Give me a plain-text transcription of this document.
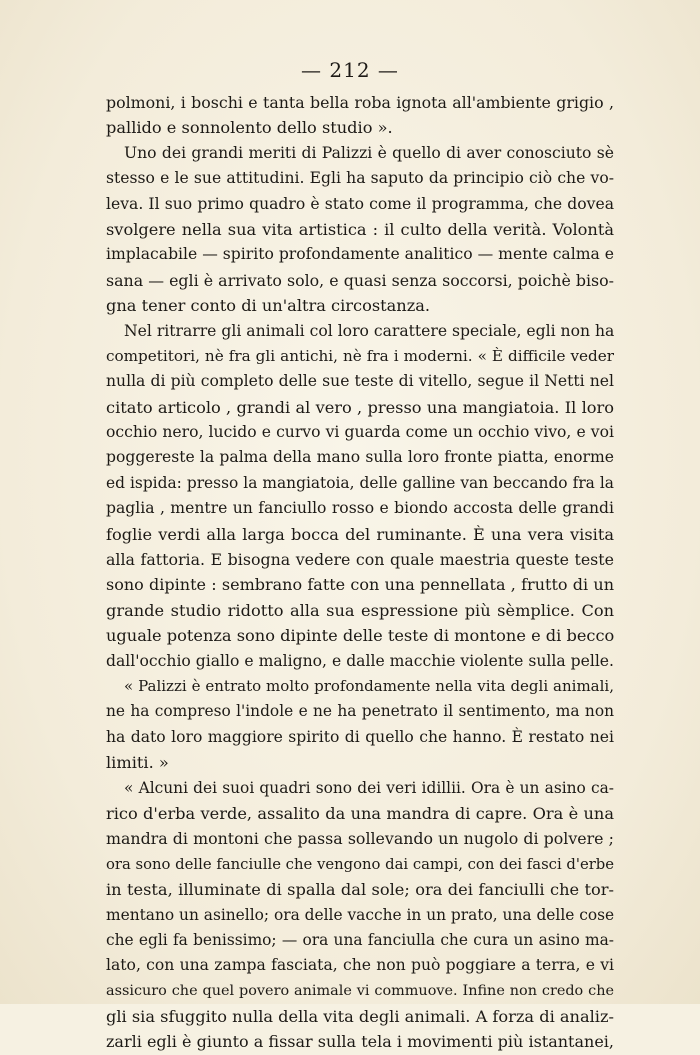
— 212 —
polmoni, i boschi e tanta bella roba ignota all'ambiente grigio ,
pallido e sonnolento dello studio ».
Uno dei grandi meriti di Palizzi è quello di aver conosciuto sè
stesso e le sue attitudini. Egli ha saputo da principio ciò che vo-
leva. Il suo primo quadro è stato come il programma, che dovea
svolgere nella sua vita artistica : il culto della verità. Volontà
implacabile — spirito profondamente analitico — mente calma e
sana — egli è arrivato solo, e quasi senza soccorsi, poichè biso-
gna tener conto di un'altra circostanza.
Nel ritrarre gli animali col loro carattere speciale, egli non ha
competitori, nè fra gli antichi, nè fra i moderni. « È difficile veder
nulla di più completo delle sue teste di vitello, segue il Netti nel
citato articolo , grandi al vero , presso una mangiatoia. Il loro
occhio nero, lucido e curvo vi guarda come un occhio vivo, e voi
poggereste la palma della mano sulla loro fronte piatta, enorme
ed ispida: presso la mangiatoia, delle galline van beccando fra la
paglia , mentre un fanciullo rosso e biondo accosta delle grandi
foglie verdi alla larga bocca del ruminante. È una vera visita
alla fattoria. E bisogna vedere con quale maestria queste teste
sono dipinte : sembrano fatte con una pennellata , frutto di un
grande studio ridotto alla sua espressione più sèmplice. Con
uguale potenza sono dipinte delle teste di montone e di becco
dall'occhio giallo e maligno, e dalle macchie violente sulla pelle.
« Palizzi è entrato molto profondamente nella vita degli animali,
ne ha compreso l'indole e ne ha penetrato il sentimento, ma non
ha dato loro maggiore spirito di quello che hanno. È restato nei
limiti. »
« Alcuni dei suoi quadri sono dei veri idillii. Ora è un asino ca-
rico d'erba verde, assalito da una mandra di capre. Ora è una
mandra di montoni che passa sollevando un nugolo di polvere ;
ora sono delle fanciulle che vengono dai campi, con dei fasci d'erbe
in testa, illuminate di spalla dal sole; ora dei fanciulli che tor-
mentano un asinello; ora delle vacche in un prato, una delle cose
che egli fa benissimo; — ora una fanciulla che cura un asino ma-
lato, con una zampa fasciata, che non può poggiare a terra, e vi
assicuro che quel povero animale vi commuove. Infine non credo che
gli sia sfuggito nulla della vita degli animali. A forza di analiz-
zarli egli è giunto a fissar sulla tela i movimenti più istantanei,
